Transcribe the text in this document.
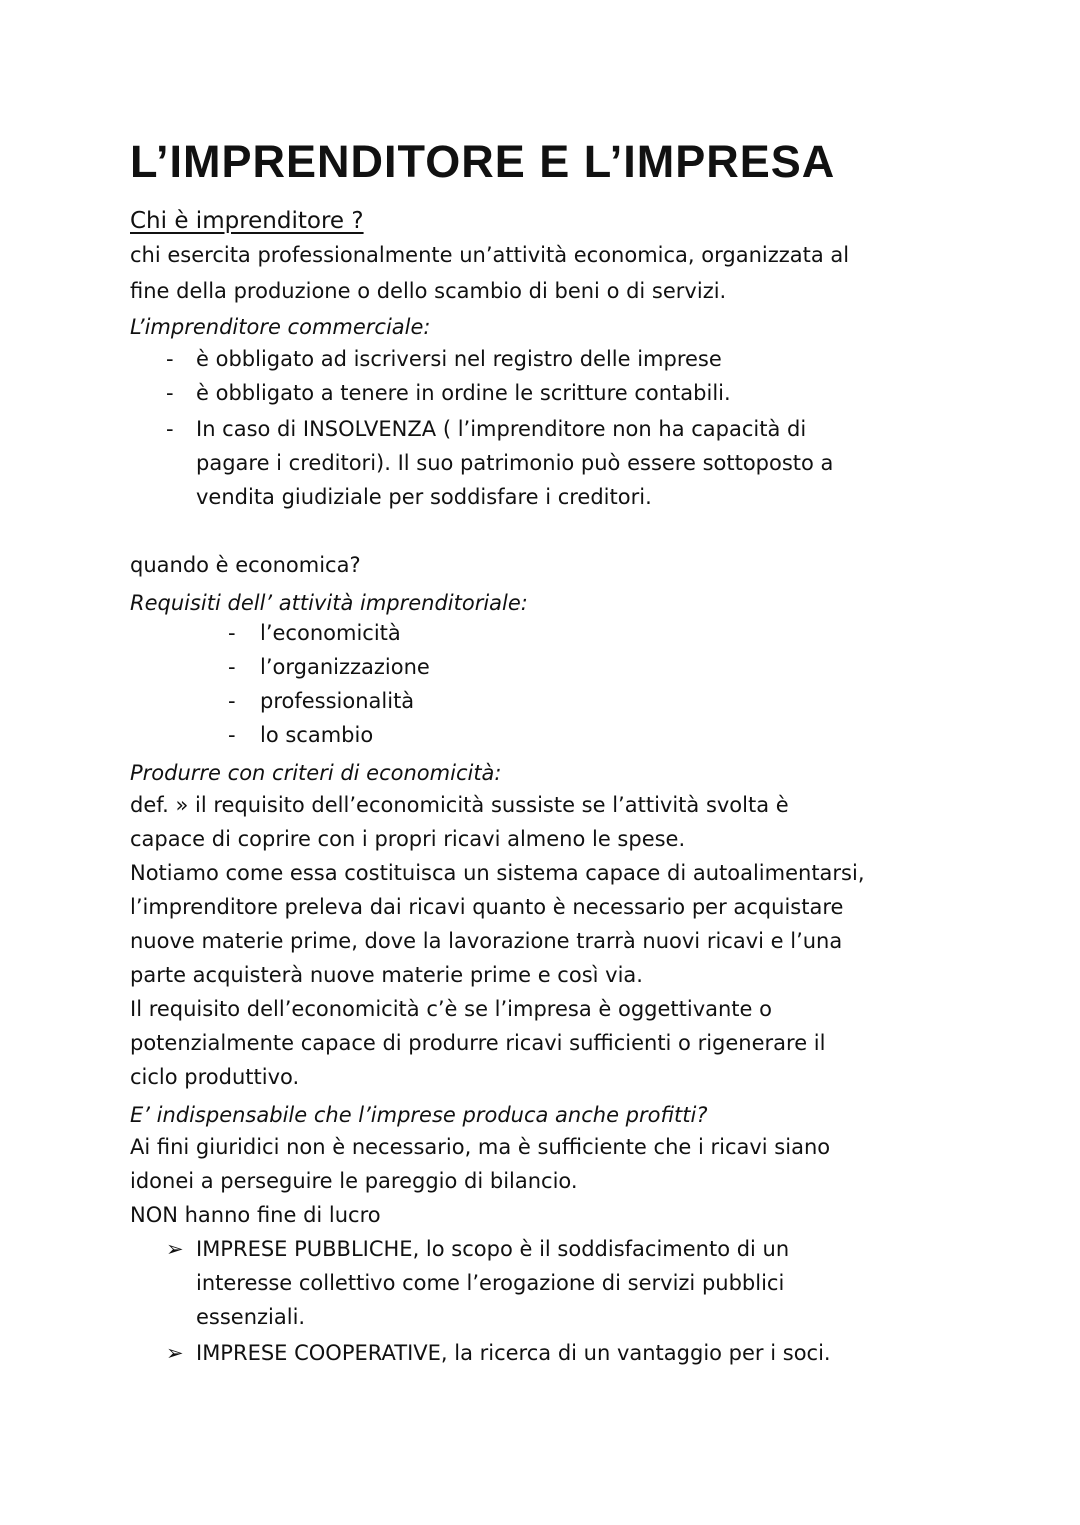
L’IMPRENDITORE E L’IMPRESA
Chi è imprenditore ?
chi esercita professionalmente un’attività economica, organizzata al
fine della produzione o dello scambio di beni o di servizi.
L’imprenditore commerciale:
- è obbligato ad iscriversi nel registro delle imprese
- è obbligato a tenere in ordine le scritture contabili.
- In caso di INSOLVENZA ( l’imprenditore non ha capacità di
pagare i creditori). Il suo patrimonio può essere sottoposto a
vendita giudiziale per soddisfare i creditori.
quando è economica?
Requisiti dell’ attività imprenditoriale:
- l’economicità
- l’organizzazione
- professionalità
- lo scambio
Produrre con criteri di economicità:
def. » il requisito dell’economicità sussiste se l’attività svolta è
capace di coprire con i propri ricavi almeno le spese.
Notiamo come essa costituisca un sistema capace di autoalimentarsi,
l’imprenditore preleva dai ricavi quanto è necessario per acquistare
nuove materie prime, dove la lavorazione trarrà nuovi ricavi e l’una
parte acquisterà nuove materie prime e così via.
Il requisito dell’economicità c’è se l’impresa è oggettivante o
potenzialmente capace di produrre ricavi sufficienti o rigenerare il
ciclo produttivo.
E’ indispensabile che l’imprese produca anche profitti?
Ai fini giuridici non è necessario, ma è sufficiente che i ricavi siano
idonei a perseguire le pareggio di bilancio.
NON hanno fine di lucro
➢ IMPRESE PUBBLICHE, lo scopo è il soddisfacimento di un
interesse collettivo come l’erogazione di servizi pubblici
essenziali.
➢ IMPRESE COOPERATIVE, la ricerca di un vantaggio per i soci.
